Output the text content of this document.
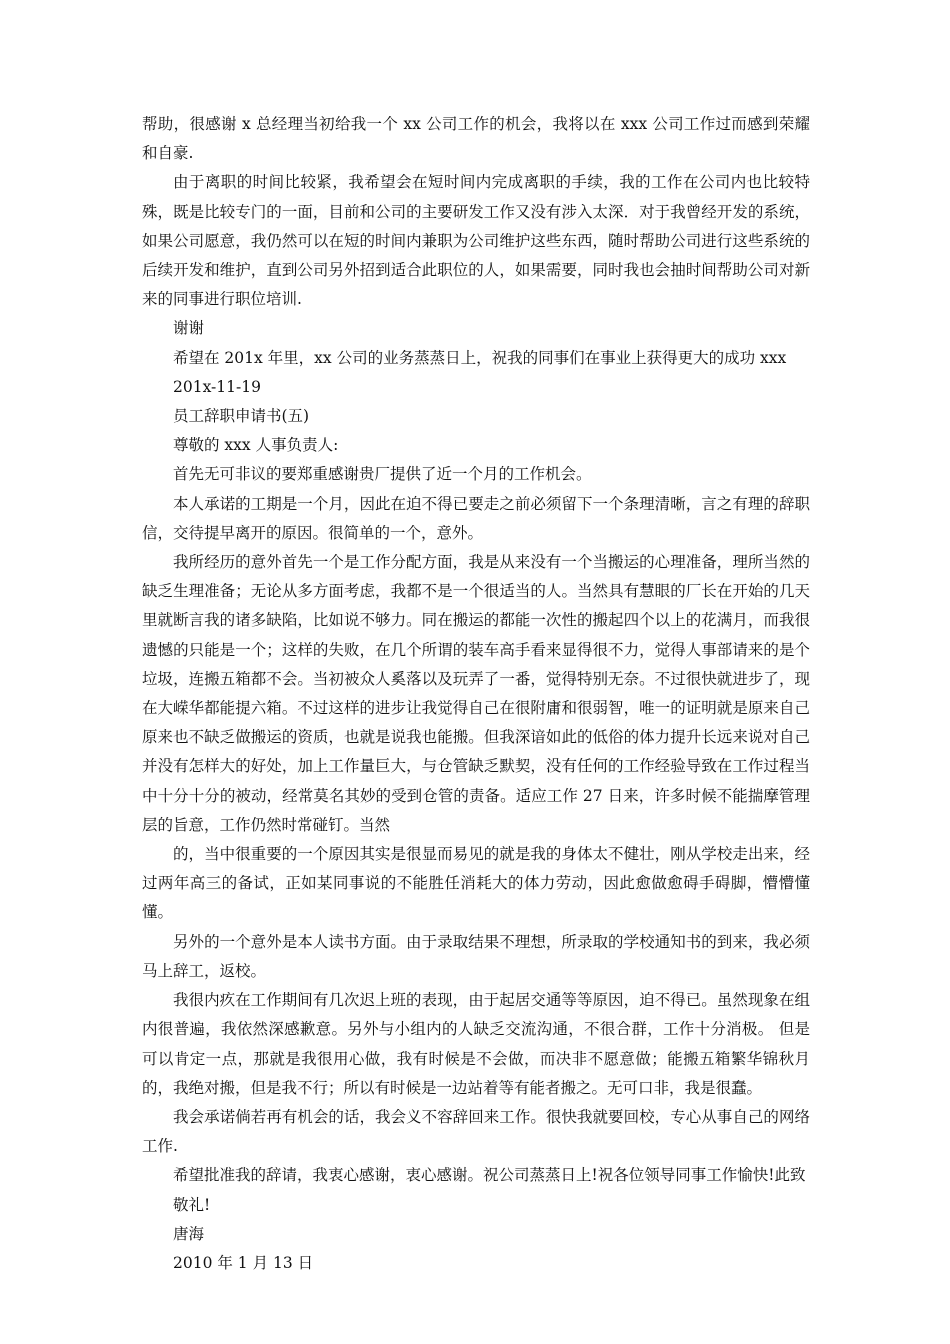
帮助，很感谢 x 总经理当初给我一个 xx 公司工作的机会，我将以在 xxx 公司工作过而感到荣耀和自豪.

由于离职的时间比较紧，我希望会在短时间内完成离职的手续，我的工作在公司内也比较特殊，既是比较专门的一面，目前和公司的主要研发工作又没有涉入太深．对于我曾经开发的系统，如果公司愿意，我仍然可以在短的时间内兼职为公司维护这些东西，随时帮助公司进行这些系统的后续开发和维护，直到公司另外招到适合此职位的人，如果需要，同时我也会抽时间帮助公司对新来的同事进行职位培训.

谢谢

希望在 201x 年里，xx 公司的业务蒸蒸日上，祝我的同事们在事业上获得更大的成功 xxx

201x-11-19

员工辞职申请书(五)

尊敬的 xxx 人事负责人:

首先无可非议的要郑重感谢贵厂提供了近一个月的工作机会。

本人承诺的工期是一个月，因此在迫不得已要走之前必须留下一个条理清晰，言之有理的辞职信，交待提早离开的原因。很简单的一个，意外。

我所经历的意外首先一个是工作分配方面，我是从来没有一个当搬运的心理准备，理所当然的缺乏生理准备；无论从多方面考虑，我都不是一个很适当的人。当然具有慧眼的厂长在开始的几天里就断言我的诸多缺陷，比如说不够力。同在搬运的都能一次性的搬起四个以上的花满月，而我很遗憾的只能是一个；这样的失败，在几个所谓的装车高手看来显得很不力，觉得人事部请来的是个垃圾，连搬五箱都不会。当初被众人奚落以及玩弄了一番，觉得特别无奈。不过很快就进步了，现在大嵘华都能提六箱。不过这样的进步让我觉得自己在很附庸和很弱智，唯一的证明就是原来自己原来也不缺乏做搬运的资质，也就是说我也能搬。但我深谙如此的低俗的体力提升长远来说对自己并没有怎样大的好处，加上工作量巨大，与仓管缺乏默契，没有任何的工作经验导致在工作过程当中十分十分的被动，经常莫名其妙的受到仓管的责备。适应工作 27 日来，许多时候不能揣摩管理层的旨意，工作仍然时常碰钉。当然

的，当中很重要的一个原因其实是很显而易见的就是我的身体太不健壮，刚从学校走出来，经过两年高三的备试，正如某同事说的不能胜任消耗大的体力劳动，因此愈做愈碍手碍脚，懵懵懂懂。

另外的一个意外是本人读书方面。由于录取结果不理想，所录取的学校通知书的到来，我必须马上辞工，返校。

我很内疚在工作期间有几次迟上班的表现，由于起居交通等等原因，迫不得已。虽然现象在组内很普遍，我依然深感歉意。另外与小组内的人缺乏交流沟通，不很合群，工作十分消极。 但是可以肯定一点，那就是我很用心做，我有时候是不会做，而决非不愿意做；能搬五箱繁华锦秋月的，我绝对搬，但是我不行；所以有时候是一边站着等有能者搬之。无可口非，我是很蠢。

我会承诺倘若再有机会的话，我会义不容辞回来工作。很快我就要回校，专心从事自己的网络工作.

希望批准我的辞请，我衷心感谢，衷心感谢。祝公司蒸蒸日上!祝各位领导同事工作愉快!此致

敬礼!

唐海

2010 年 1 月 13 日
